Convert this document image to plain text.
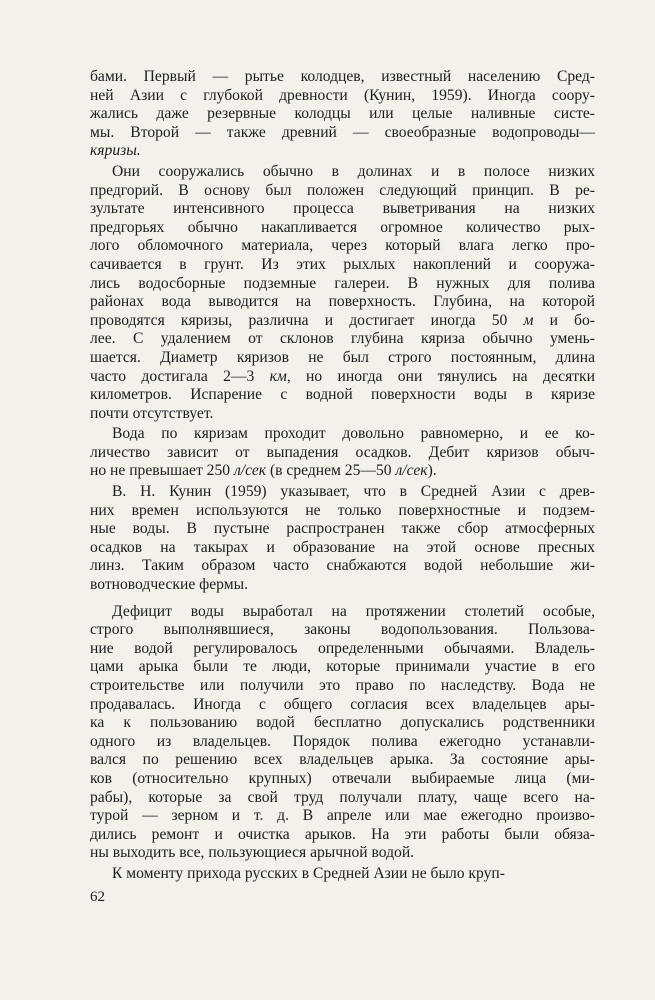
бами. Первый — рытье колодцев, известный населению Сред-
ней Азии с глубокой древности (Кунин, 1959). Иногда соору-
жались даже резервные колодцы или целые наливные систе-
мы. Второй — также древний — своеобразные водопроводы—
кяризы.
Они сооружались обычно в долинах и в полосе низких
предгорий. В основу был положен следующий принцип. В ре-
зультате интенсивного процесса выветривания на низких
предгорьях обычно накапливается огромное количество рых-
лого обломочного материала, через который влага легко про-
сачивается в грунт. Из этих рыхлых накоплений и сооружа-
лись водосборные подземные галереи. В нужных для полива
районах вода выводится на поверхность. Глубина, на которой
проводятся кяризы, различна и достигает иногда 50 м и бо-
лее. С удалением от склонов глубина кяриза обычно умень-
шается. Диаметр кяризов не был строго постоянным, длина
часто достигала 2—3 км, но иногда они тянулись на десятки
километров. Испарение с водной поверхности воды в кяризе
почти отсутствует.
Вода по кяризам проходит довольно равномерно, и ее ко-
личество зависит от выпадения осадков. Дебит кяризов обыч-
но не превышает 250 л/сек (в среднем 25—50 л/сек).
В. Н. Кунин (1959) указывает, что в Средней Азии с древ-
них времен используются не только поверхностные и подзем-
ные воды. В пустыне распространен также сбор атмосферных
осадков на такырах и образование на этой основе пресных
линз. Таким образом часто снабжаются водой небольшие жи-
вотноводческие фермы.
Дефицит воды выработал на протяжении столетий особые,
строго выполнявшиеся, законы водопользования. Пользова-
ние водой регулировалось определенными обычаями. Владель-
цами арыка были те люди, которые принимали участие в его
строительстве или получили это право по наследству. Вода не
продавалась. Иногда с общего согласия всех владельцев ары-
ка к пользованию водой бесплатно допускались родственники
одного из владельцев. Порядок полива ежегодно устанавли-
вался по решению всех владельцев арыка. За состояние ары-
ков (относительно крупных) отвечали выбираемые лица (ми-
рабы), которые за свой труд получали плату, чаще всего на-
турой — зерном и т. д. В апреле или мае ежегодно произво-
дились ремонт и очистка арыков. На эти работы были обяза-
ны выходить все, пользующиеся арычной водой.
К моменту прихода русских в Средней Азии не было круп-
62
